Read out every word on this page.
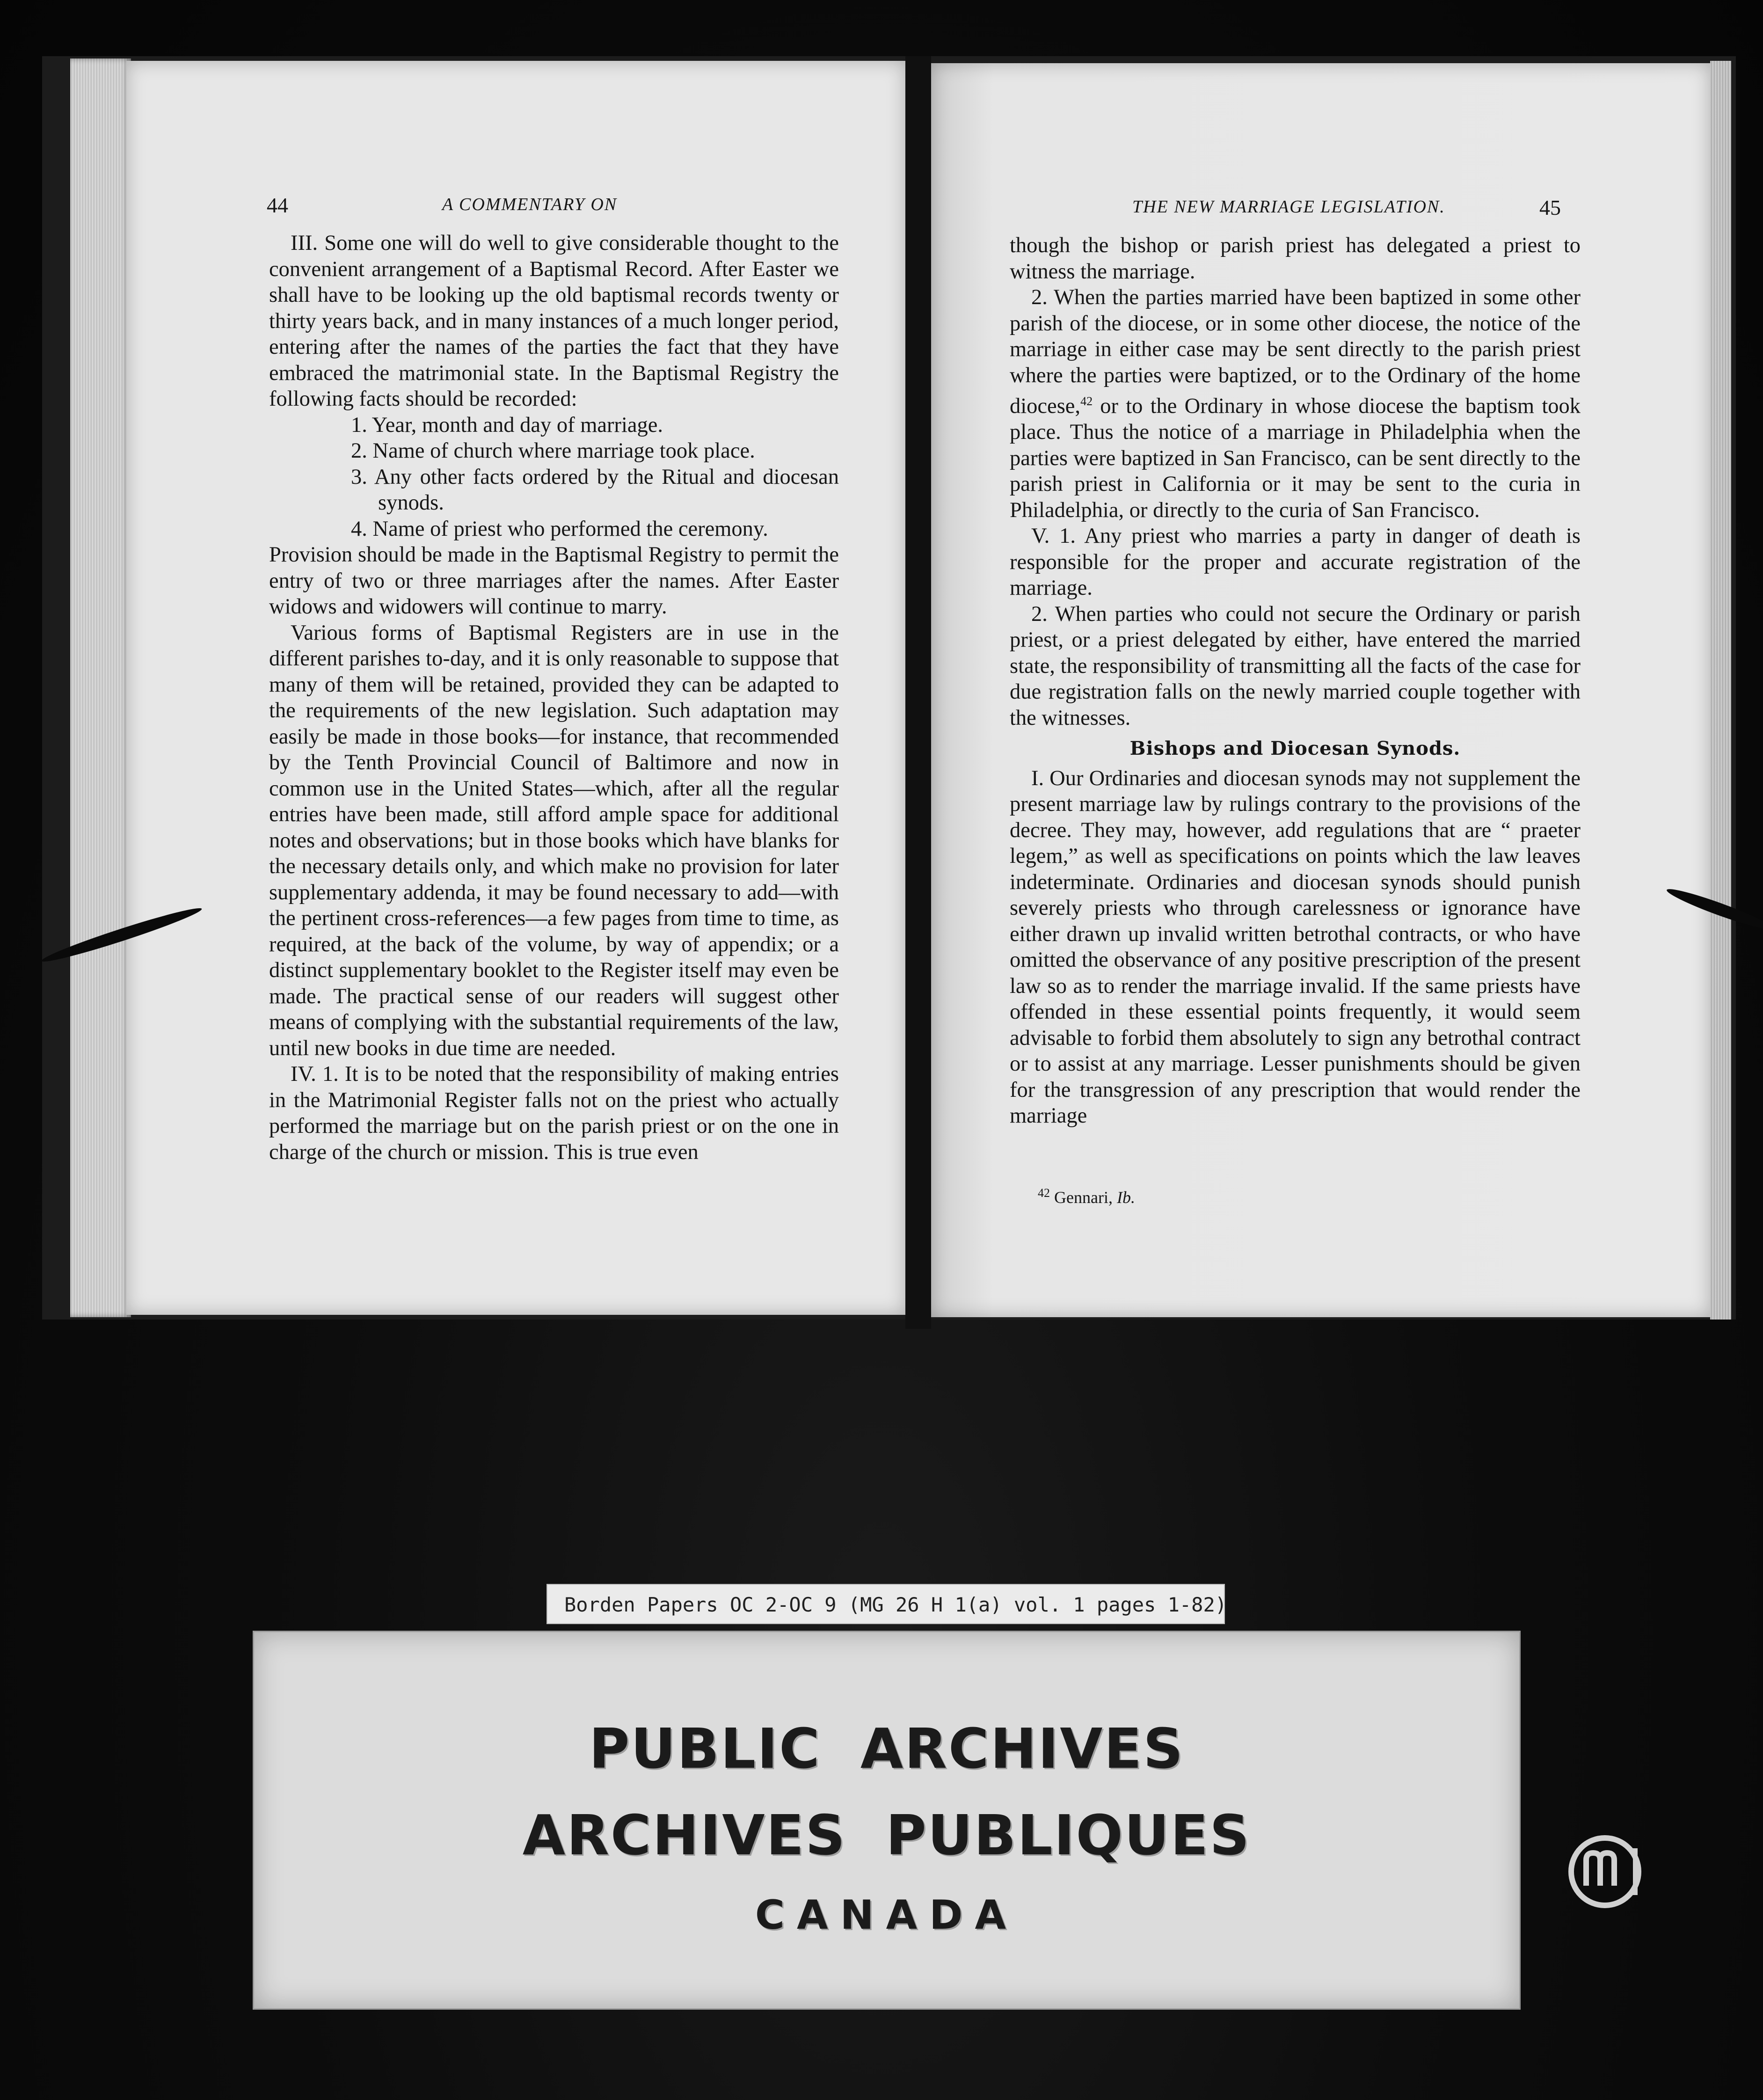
44	A COMMENTARY ON

III. Some one will do well to give considerable thought to the convenient arrangement of a Baptismal Record. After Easter we shall have to be looking up the old baptismal records twenty or thirty years back, and in many instances of a much longer period, entering after the names of the parties the fact that they have embraced the matrimonial state. In the Baptismal Registry the following facts should be recorded:

1. Year, month and day of marriage.
2. Name of church where marriage took place.
3. Any other facts ordered by the Ritual and diocesan synods.
4. Name of priest who performed the ceremony.

Provision should be made in the Baptismal Registry to permit the entry of two or three marriages after the names. After Easter widows and widowers will continue to marry.

Various forms of Baptismal Registers are in use in the different parishes to-day, and it is only reasonable to suppose that many of them will be retained, provided they can be adapted to the requirements of the new legislation. Such adaptation may easily be made in those books—for instance, that recommended by the Tenth Provincial Council of Baltimore and now in common use in the United States—which, after all the regular entries have been made, still afford ample space for additional notes and observations; but in those books which have blanks for the necessary details only, and which make no provision for later supplementary addenda, it may be found necessary to add—with the pertinent cross-references—a few pages from time to time, as required, at the back of the volume, by way of appendix; or a distinct supplementary booklet to the Register itself may even be made. The practical sense of our readers will suggest other means of complying with the substantial requirements of the law, until new books in due time are needed.

IV. 1. It is to be noted that the responsibility of making entries in the Matrimonial Register falls not on the priest who actually performed the marriage but on the parish priest or on the one in charge of the church or mission. This is true even

THE NEW MARRIAGE LEGISLATION.	45

though the bishop or parish priest has delegated a priest to witness the marriage.

2. When the parties married have been baptized in some other parish of the diocese, or in some other diocese, the notice of the marriage in either case may be sent directly to the parish priest where the parties were baptized, or to the Ordinary of the home diocese,$^{42}$ or to the Ordinary in whose diocese the baptism took place. Thus the notice of a marriage in Philadelphia when the parties were baptized in San Francisco, can be sent directly to the parish priest in California or it may be sent to the curia in Philadelphia, or directly to the curia of San Francisco.

V. 1. Any priest who marries a party in danger of death is responsible for the proper and accurate registration of the marriage.

2. When parties who could not secure the Ordinary or parish priest, or a priest delegated by either, have entered the married state, the responsibility of transmitting all the facts of the case for due registration falls on the newly married couple together with the witnesses.

Bishops and Diocesan Synods.

I. Our Ordinaries and diocesan synods may not supplement the present marriage law by rulings contrary to the provisions of the decree. They may, however, add regulations that are “ praeter legem,” as well as specifications on points which the law leaves indeterminate. Ordinaries and diocesan synods should punish severely priests who through carelessness or ignorance have either drawn up invalid written betrothal contracts, or who have omitted the observance of any positive prescription of the present law so as to render the marriage invalid. If the same priests have offended in these essential points frequently, it would seem advisable to forbid them absolutely to sign any betrothal contract or to assist at any marriage. Lesser punishments should be given for the transgression of any prescription that would render the marriage

$^{42}$ Gennari, Ib.
Borden Papers OC 2-OC 9 (MG 26 H 1(a) vol. 1 pages 1-82)
PUBLIC ARCHIVES
ARCHIVES PUBLIQUES
CANADA
